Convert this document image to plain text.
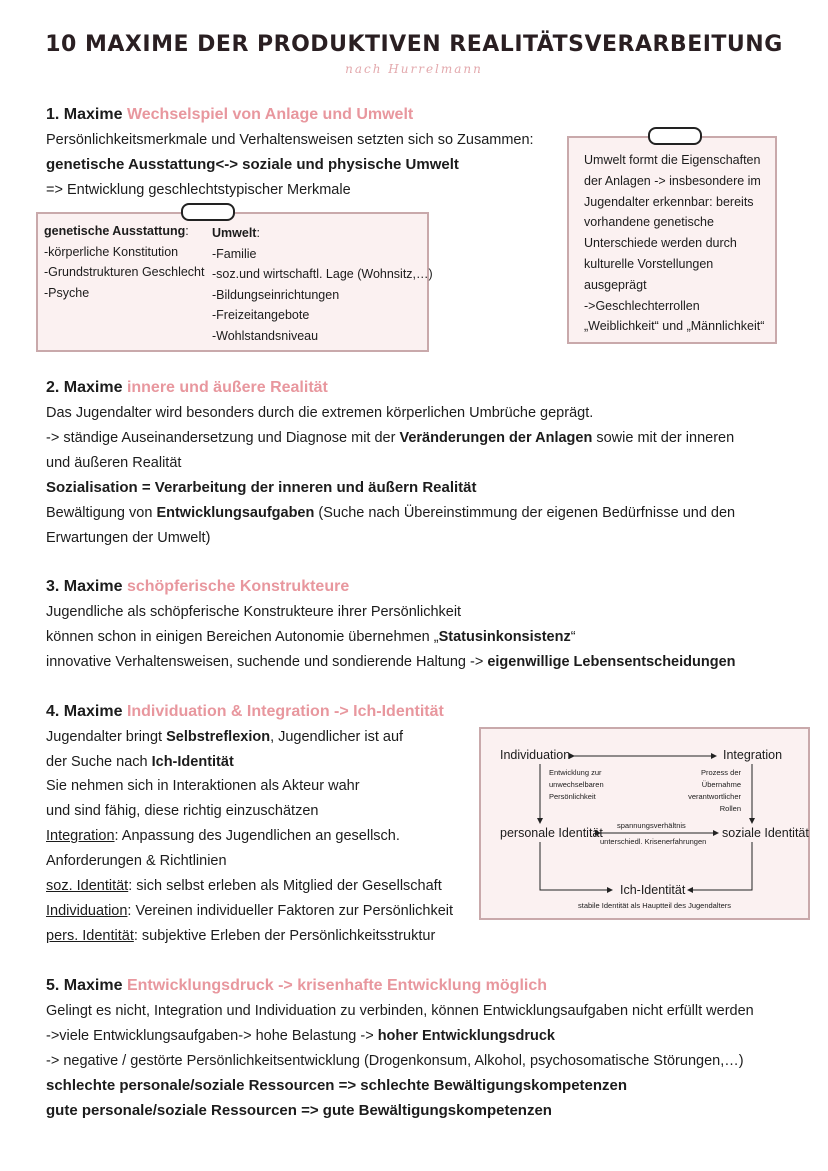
10 MAXIME DER PRODUKTIVEN REALITÄTSVERARBEITUNG
nach Hurrelmann
1. Maxime Wechselspiel von Anlage und Umwelt
Persönlichkeitsmerkmale und Verhaltensweisen setzten sich so Zusammen:
genetische Ausstattung<-> soziale und physische Umwelt
=> Entwicklung geschlechtstypischer Merkmale
genetische Ausstattung:
-körperliche Konstitution
-Grundstrukturen Geschlecht
-Psyche
Umwelt:
-Familie
-soz.und wirtschaftl. Lage (Wohnsitz,…)
-Bildungseinrichtungen
-Freizeitangebote
-Wohlstandsniveau
Umwelt formt die Eigenschaften
der Anlagen -> insbesondere im
Jugendalter erkennbar: bereits
vorhandene genetische
Unterschiede werden durch
kulturelle Vorstellungen
ausgeprägt
->Geschlechterrollen
„Weiblichkeit“ und „Männlichkeit“
2. Maxime innere und äußere Realität
Das Jugendalter wird besonders durch die extremen körperlichen Umbrüche geprägt.
-> ständige Auseinandersetzung und Diagnose mit der Veränderungen der Anlagen sowie mit der inneren
und äußeren Realität
Sozialisation = Verarbeitung der inneren und äußern Realität
Bewältigung von Entwicklungsaufgaben (Suche nach Übereinstimmung der eigenen Bedürfnisse und den
Erwartungen der Umwelt)
3. Maxime schöpferische Konstrukteure
Jugendliche als schöpferische Konstrukteure ihrer Persönlichkeit
können schon in einigen Bereichen Autonomie übernehmen „Statusinkonsistenz“
innovative Verhaltensweisen, suchende und sondierende Haltung -> eigenwillige Lebensentscheidungen
4. Maxime Individuation & Integration -> Ich-Identität
Jugendalter bringt Selbstreflexion, Jugendlicher ist auf
der Suche nach Ich-Identität
Sie nehmen sich in Interaktionen als Akteur wahr
und sind fähig, diese richtig einzuschätzen
Integration: Anpassung des Jugendlichen an gesellsch.
Anforderungen & Richtlinien
soz. Identität: sich selbst erleben als Mitglied der Gesellschaft
Individuation: Vereinen individueller Faktoren zur Persönlichkeit
pers. Identität: subjektive Erleben der Persönlichkeitsstruktur
Individuation	Integration
Entwicklung zur
unwechselbaren
Persönlichkeit
Prozess der
Übernahme
verantwortlicher
Rollen
personale Identität	soziale Identität
spannungsverhältnis
unterschiedl. Krisenerfahrungen
Ich-Identität
stabile Identität als Hauptteil des Jugendalters
5. Maxime Entwicklungsdruck -> krisenhafte Entwicklung möglich
Gelingt es nicht, Integration und Individuation zu verbinden, können Entwicklungsaufgaben nicht erfüllt werden
->viele Entwicklungsaufgaben-> hohe Belastung -> hoher Entwicklungsdruck
-> negative / gestörte Persönlichkeitsentwicklung (Drogenkonsum, Alkohol, psychosomatische Störungen,…)
schlechte personale/soziale Ressourcen => schlechte Bewältigungskompetenzen
gute personale/soziale Ressourcen => gute Bewältigungskompetenzen
